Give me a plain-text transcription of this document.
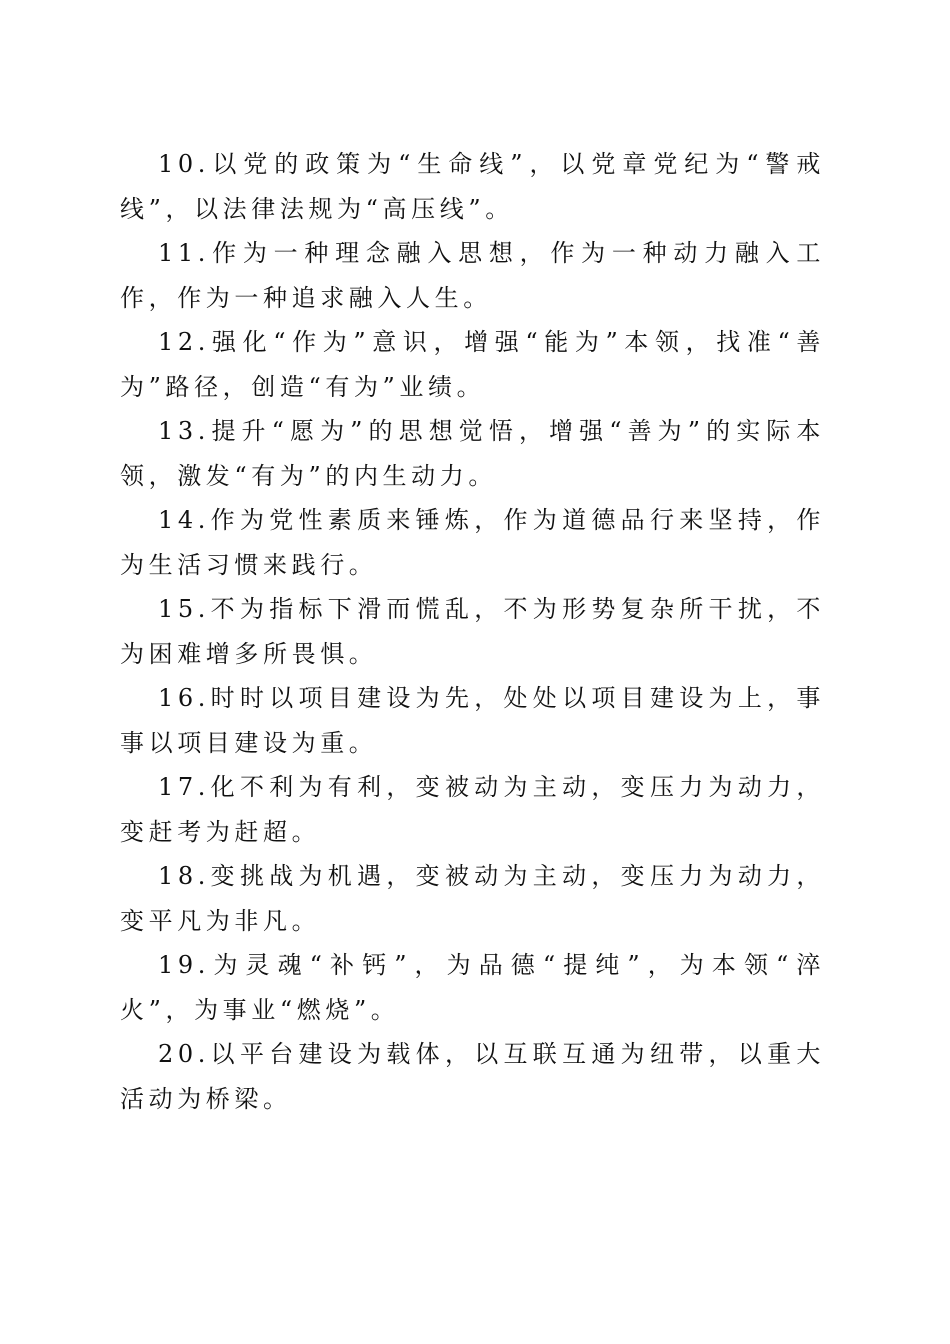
10.以党的政策为“生命线”，以党章党纪为“警戒线”，以法律法规为“高压线”。

11.作为一种理念融入思想，作为一种动力融入工作，作为一种追求融入人生。

12.强化“作为”意识，增强“能为”本领，找准“善为”路径，创造“有为”业绩。

13.提升“愿为”的思想觉悟，增强“善为”的实际本领，激发“有为”的内生动力。

14.作为党性素质来锤炼，作为道德品行来坚持，作为生活习惯来践行。

15.不为指标下滑而慌乱，不为形势复杂所干扰，不为困难增多所畏惧。

16.时时以项目建设为先，处处以项目建设为上，事事以项目建设为重。

17.化不利为有利，变被动为主动，变压力为动力，变赶考为赶超。

18.变挑战为机遇，变被动为主动，变压力为动力，变平凡为非凡。

19.为灵魂“补钙”，为品德“提纯”，为本领“淬火”，为事业“燃烧”。

20.以平台建设为载体，以互联互通为纽带，以重大活动为桥梁。
